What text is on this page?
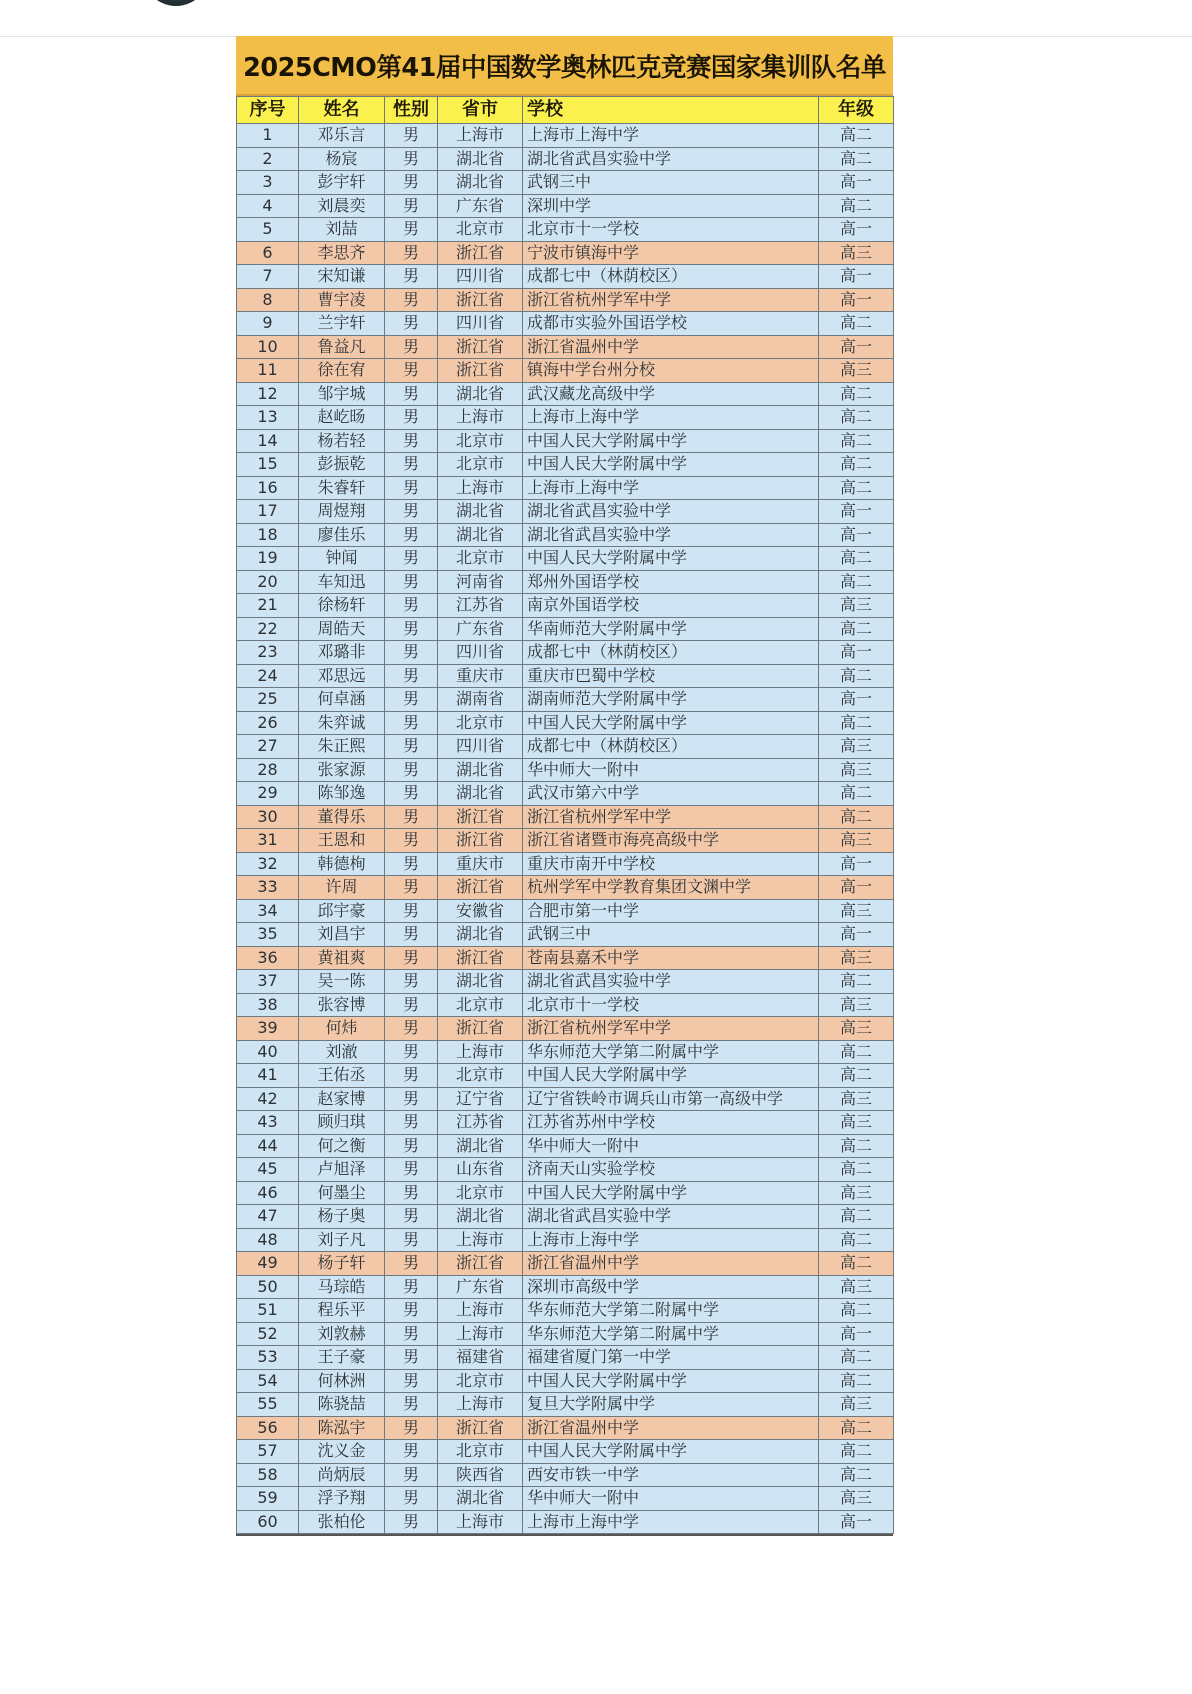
2025CMO第41届中国数学奥林匹克竞赛国家集训队名单
序号	姓名	性别	省市	学校	年级
1	邓乐言	男	上海市	上海市上海中学	高二
2	杨宸	男	湖北省	湖北省武昌实验中学	高二
3	彭宇轩	男	湖北省	武钢三中	高一
4	刘晨奕	男	广东省	深圳中学	高二
5	刘喆	男	北京市	北京市十一学校	高一
6	李思齐	男	浙江省	宁波市镇海中学	高三
7	宋知谦	男	四川省	成都七中（林荫校区）	高一
8	曹宇凌	男	浙江省	浙江省杭州学军中学	高一
9	兰宇轩	男	四川省	成都市实验外国语学校	高二
10	鲁益凡	男	浙江省	浙江省温州中学	高一
11	徐在宥	男	浙江省	镇海中学台州分校	高三
12	邹宇城	男	湖北省	武汉藏龙高级中学	高二
13	赵屹旸	男	上海市	上海市上海中学	高二
14	杨若轻	男	北京市	中国人民大学附属中学	高二
15	彭振乾	男	北京市	中国人民大学附属中学	高二
16	朱睿轩	男	上海市	上海市上海中学	高二
17	周煜翔	男	湖北省	湖北省武昌实验中学	高一
18	廖佳乐	男	湖北省	湖北省武昌实验中学	高一
19	钟闻	男	北京市	中国人民大学附属中学	高二
20	车知迅	男	河南省	郑州外国语学校	高二
21	徐杨轩	男	江苏省	南京外国语学校	高三
22	周皓天	男	广东省	华南师范大学附属中学	高二
23	邓璐非	男	四川省	成都七中（林荫校区）	高一
24	邓思远	男	重庆市	重庆市巴蜀中学校	高二
25	何卓涵	男	湖南省	湖南师范大学附属中学	高一
26	朱弈诚	男	北京市	中国人民大学附属中学	高二
27	朱正熙	男	四川省	成都七中（林荫校区）	高三
28	张家源	男	湖北省	华中师大一附中	高三
29	陈邹逸	男	湖北省	武汉市第六中学	高二
30	董得乐	男	浙江省	浙江省杭州学军中学	高二
31	王恩和	男	浙江省	浙江省诸暨市海亮高级中学	高三
32	韩德栒	男	重庆市	重庆市南开中学校	高一
33	许周	男	浙江省	杭州学军中学教育集团文渊中学	高一
34	邱宇豪	男	安徽省	合肥市第一中学	高三
35	刘昌宇	男	湖北省	武钢三中	高一
36	黄祖爽	男	浙江省	苍南县嘉禾中学	高三
37	吴一陈	男	湖北省	湖北省武昌实验中学	高二
38	张容博	男	北京市	北京市十一学校	高三
39	何炜	男	浙江省	浙江省杭州学军中学	高三
40	刘澈	男	上海市	华东师范大学第二附属中学	高二
41	王佑丞	男	北京市	中国人民大学附属中学	高二
42	赵家博	男	辽宁省	辽宁省铁岭市调兵山市第一高级中学	高三
43	顾归琪	男	江苏省	江苏省苏州中学校	高三
44	何之衡	男	湖北省	华中师大一附中	高二
45	卢旭泽	男	山东省	济南天山实验学校	高二
46	何墨尘	男	北京市	中国人民大学附属中学	高三
47	杨子奥	男	湖北省	湖北省武昌实验中学	高二
48	刘子凡	男	上海市	上海市上海中学	高二
49	杨子轩	男	浙江省	浙江省温州中学	高二
50	马琮皓	男	广东省	深圳市高级中学	高三
51	程乐平	男	上海市	华东师范大学第二附属中学	高二
52	刘敦赫	男	上海市	华东师范大学第二附属中学	高一
53	王子豪	男	福建省	福建省厦门第一中学	高二
54	何林洲	男	北京市	中国人民大学附属中学	高二
55	陈骁喆	男	上海市	复旦大学附属中学	高三
56	陈泓宇	男	浙江省	浙江省温州中学	高二
57	沈义金	男	北京市	中国人民大学附属中学	高二
58	尚炳辰	男	陕西省	西安市铁一中学	高二
59	浮予翔	男	湖北省	华中师大一附中	高三
60	张柏伦	男	上海市	上海市上海中学	高一
